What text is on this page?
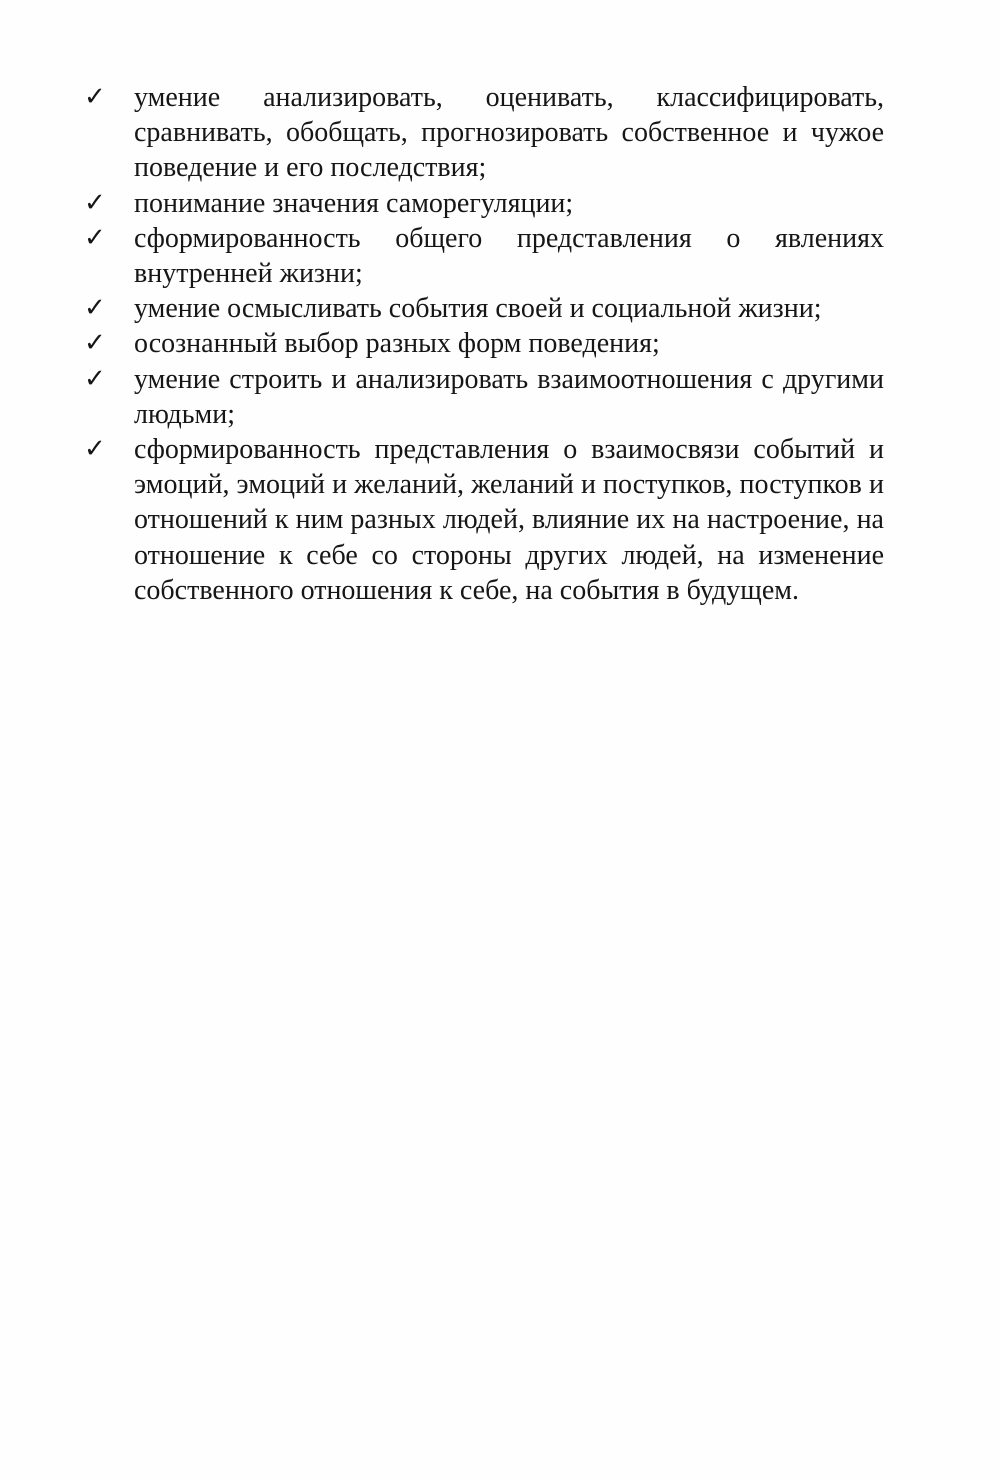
✓	умение анализировать, оценивать, классифицировать, сравнивать, обобщать, прогнозировать собственное и чужое поведение и его последствия;
✓	понимание значения саморегуляции;
✓	сформированность общего представления о явлениях внутренней жизни;
✓	умение осмысливать события своей и социальной жизни;
✓	осознанный выбор разных форм поведения;
✓	умение строить и анализировать взаимоотношения с другими людьми;
✓	сформированность представления о взаимосвязи событий и эмоций, эмоций и желаний, желаний и поступков, поступков и отношений к ним разных людей, влияние их на настроение, на отношение к себе со стороны других людей, на изменение собственного отношения к себе, на события в будущем.
